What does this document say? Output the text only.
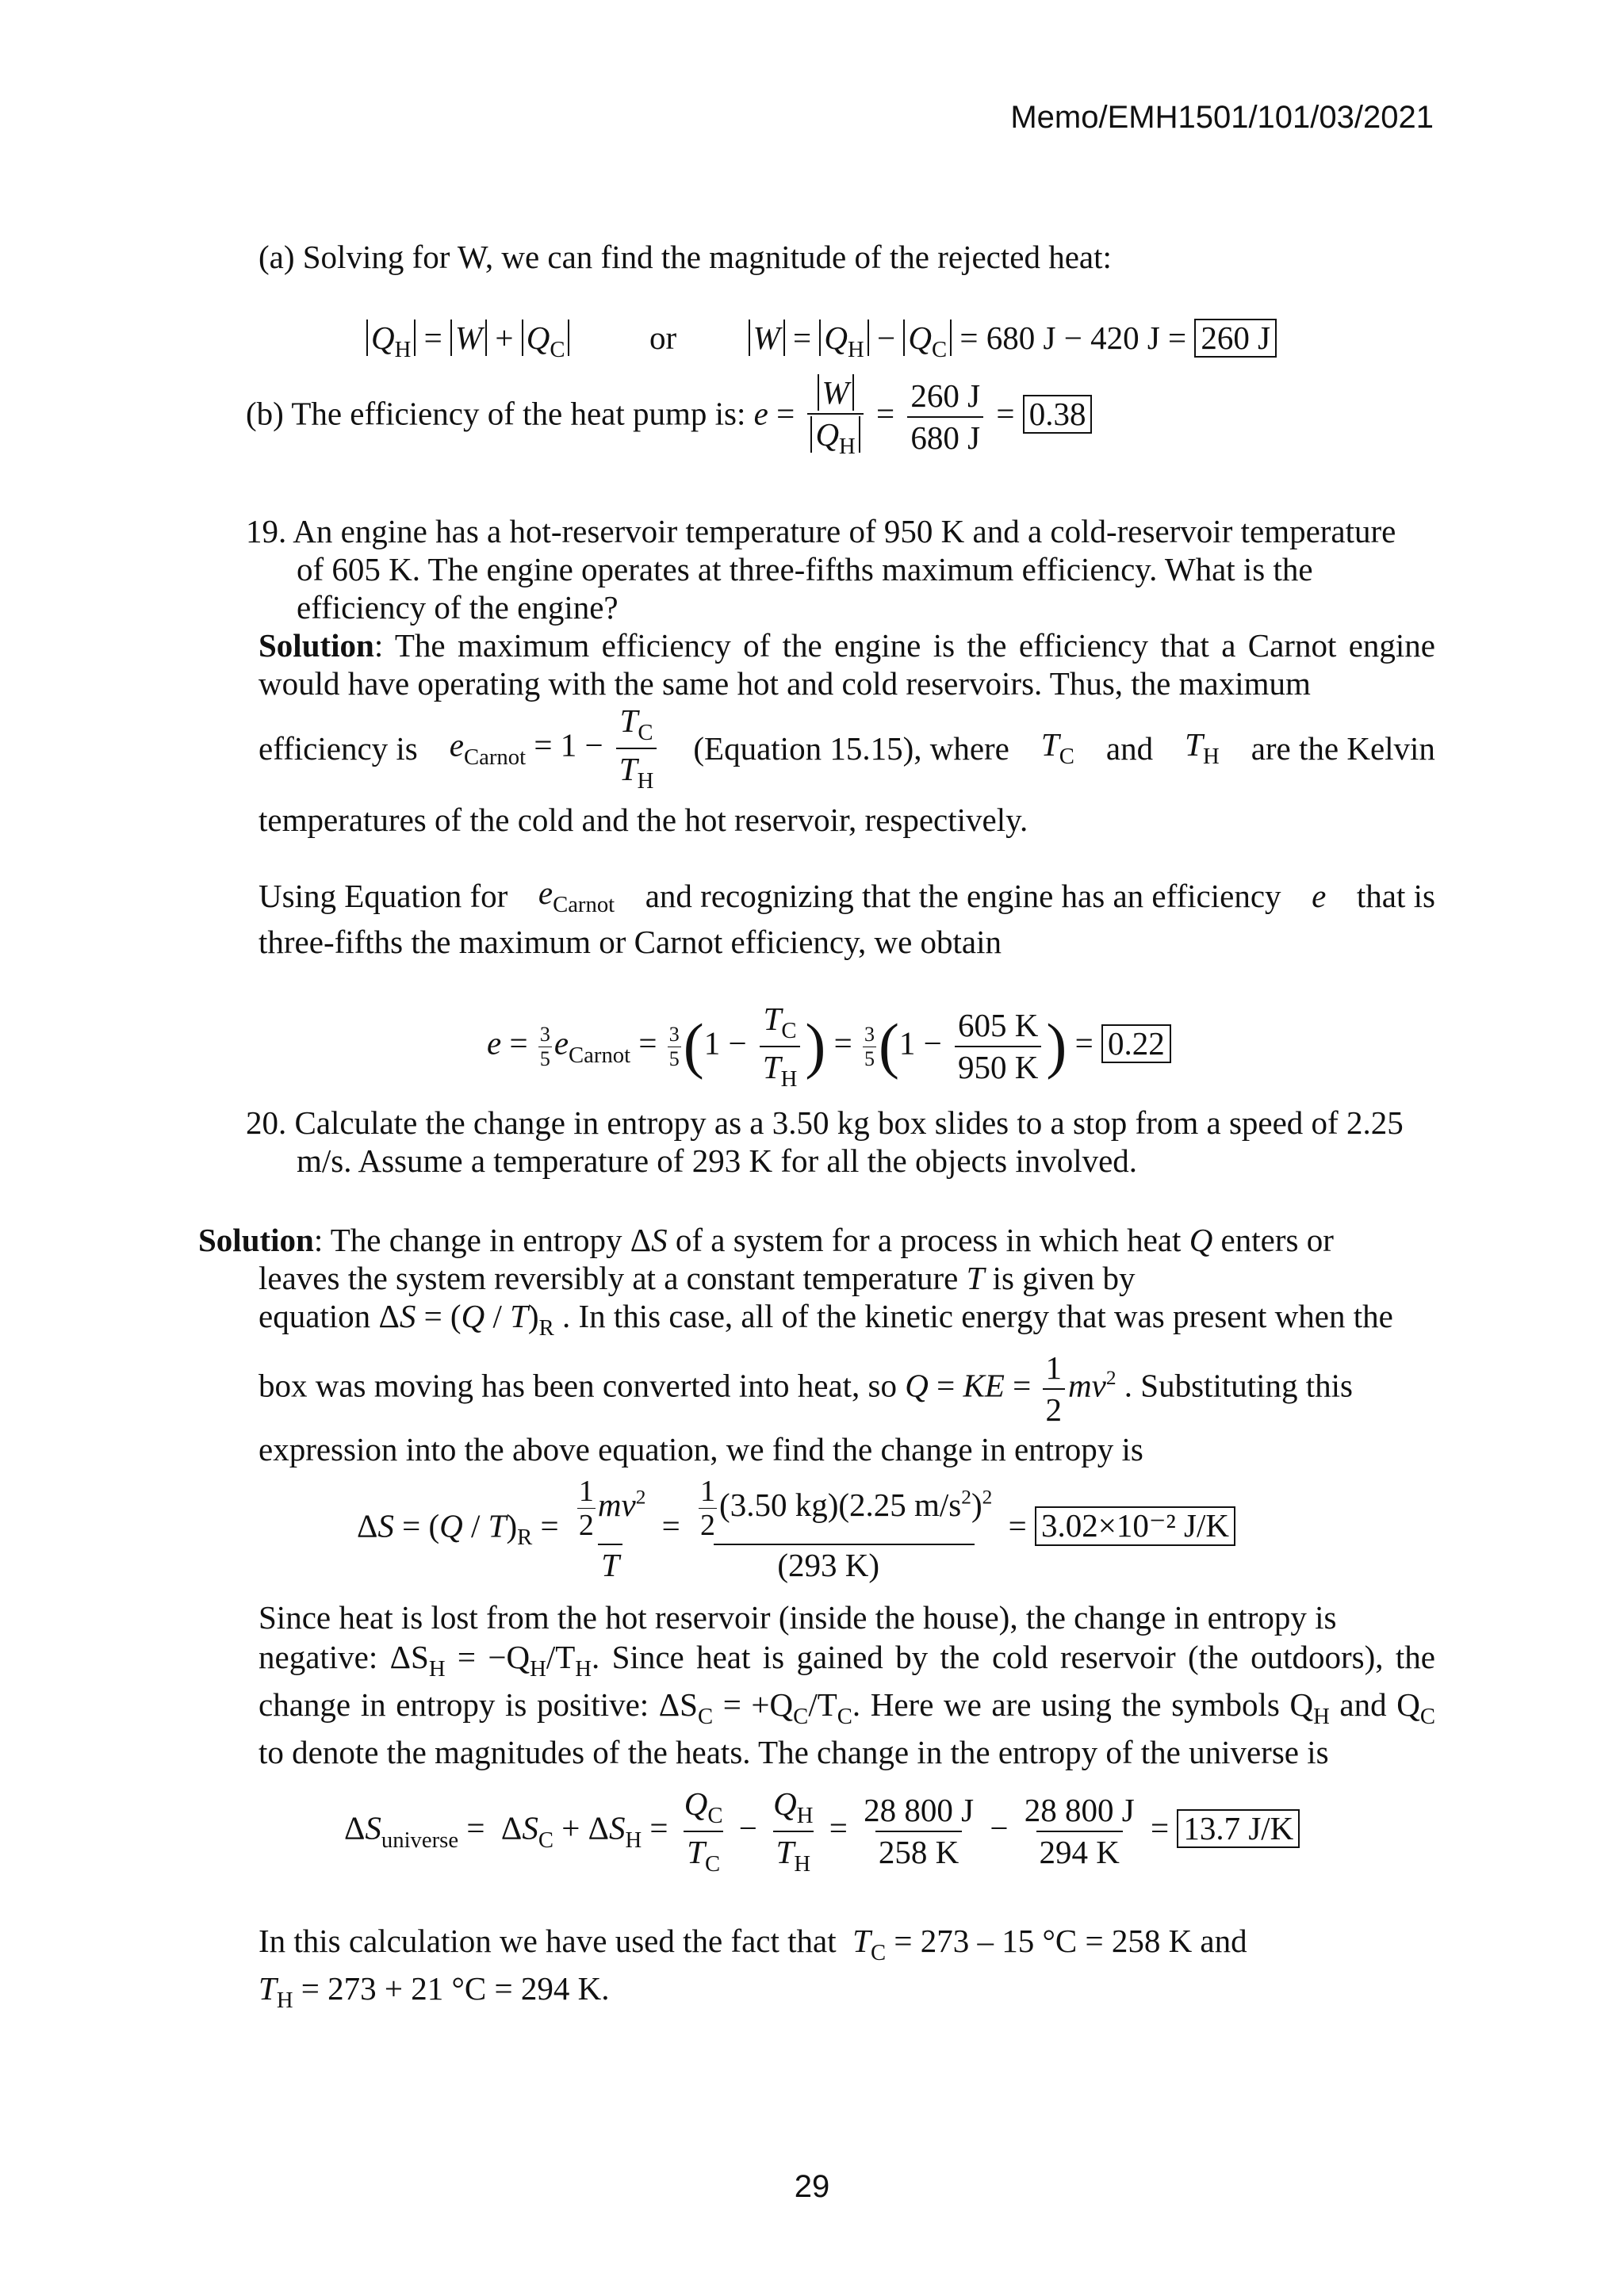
Memo/EMH1501/101/03/2021
(a) Solving for W, we can find the magnitude of the rejected heat:
$Q_H = W + Q_C$	or $W = Q_H - Q_C = 680$ J − 420 J = 260 J
(b) The efficiency of the heat pump is: $e = \frac{W}{Q_H} = \frac{260 J}{680 J} = 0.38$
19. An engine has a hot-reservoir temperature of 950 K and a cold-reservoir temperature
of 605 K. The engine operates at three-fifths maximum efficiency. What is the
efficiency of the engine?
Solution: The maximum efficiency of the engine is the efficiency that a Carnot engine would have operating with the same hot and cold reservoirs. Thus, the maximum
efficiency is $e_{Carnot} = 1 - \frac{T_C}{T_H}$ (Equation 15.15), where $T_C$ and $T_H$ are the Kelvin
temperatures of the cold and the hot reservoir, respectively.
Using Equation for $e_{Carnot}$ and recognizing that the engine has an efficiency e that is
three-fifths the maximum or Carnot efficiency, we obtain
$e = \frac{3}{5} e_{Carnot} = \frac{3}{5} (1 - \frac{T_C}{T_H}$ ) = $\frac{3}{5} (1 - \frac{605 K}{950 K}$ ) = 0.22
20. Calculate the change in entropy as a 3.50 kg box slides to a stop from a speed of 2.25
m/s. Assume a temperature of 293 K for all the objects involved.
Solution: The change in entropy ΔS of a system for a process in which heat Q enters or
leaves the system reversibly at a constant temperature T is given by
equation $\Delta S = (Q / T)_R$ . In this case, all of the kinetic energy that was present when the
box was moving has been converted into heat, so Q = KE = $\frac{1}{2} mv^2$ . Substituting this
expression into the above equation, we find the change in entropy is
$\Delta S = (Q / T)_R = \frac{\frac{1}{2} mv^2}{T} = \frac{\frac{1}{2} (3.50 kg)(2.25 m/s^2)^2}{(293 K)} = 3.02\times 10^{-2}$ J/K
Since heat is lost from the hot reservoir (inside the house), the change in entropy is
negative: $\Delta S_H = -Q_H/T_H$. Since heat is gained by the cold reservoir (the outdoors), the
change in entropy is positive: $\Delta S_C = +Q_C/T_C$. Here we are using the symbols $Q_H$ and $Q_C$
to denote the magnitudes of the heats. The change in the entropy of the universe is
$\Delta S_{universe} = \Delta S_C + \Delta S_H = \frac{Q_C}{T_C} - \frac{Q_H}{T_H} = \frac{28 800 J}{258 K} - \frac{28 800 J}{294 K} = 13.7$ J/K
In this calculation we have used the fact that $T_C = 273 - 15$ °C = 258 K and
$T_H = 273 + 21$ °C = 294 K.
29
